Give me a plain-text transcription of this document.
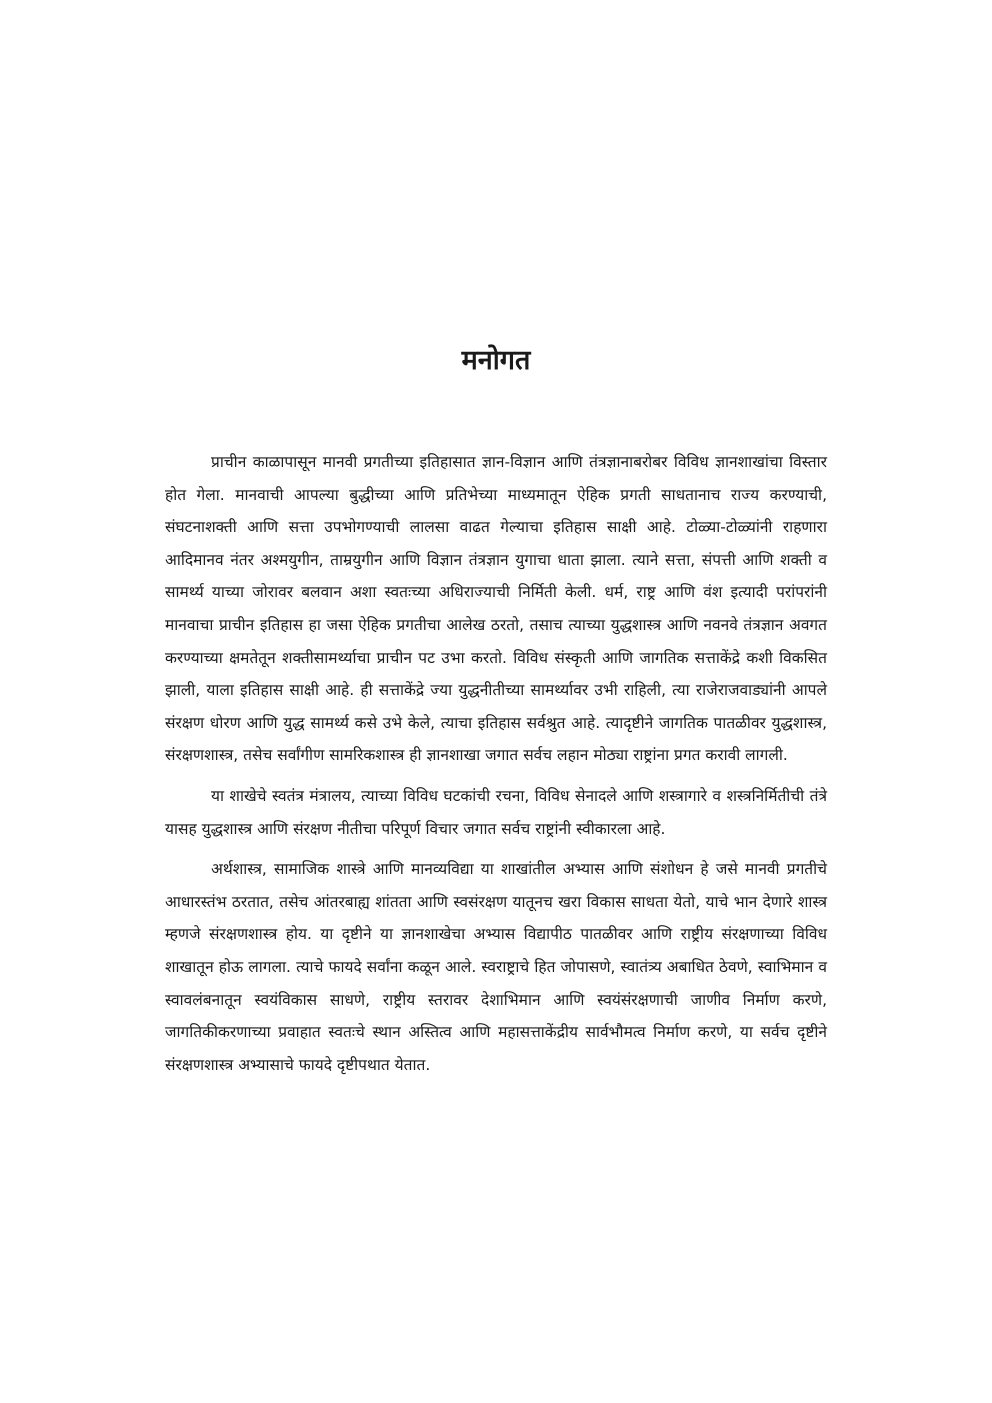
मनोगत

प्राचीन काळापासून मानवी प्रगतीच्या इतिहासात ज्ञान-विज्ञान आणि तंत्रज्ञानाबरोबर विविध ज्ञानशाखांचा विस्तार होत गेला. मानवाची आपल्या बुद्धीच्या आणि प्रतिभेच्या माध्यमातून ऐहिक प्रगती साधतानाच राज्य करण्याची, संघटनाशक्ती आणि सत्ता उपभोगण्याची लालसा वाढत गेल्याचा इतिहास साक्षी आहे. टोळ्या-टोळ्यांनी राहणारा आदिमानव नंतर अश्मयुगीन, ताम्रयुगीन आणि विज्ञान तंत्रज्ञान युगाचा धाता झाला. त्याने सत्ता, संपत्ती आणि शक्ती व सामर्थ्य याच्या जोरावर बलवान अशा स्वतःच्या अधिराज्याची निर्मिती केली. धर्म, राष्ट्र आणि वंश इत्यादी परांपरांनी मानवाचा प्राचीन इतिहास हा जसा ऐहिक प्रगतीचा आलेख ठरतो, तसाच त्याच्या युद्धशास्त्र आणि नवनवे तंत्रज्ञान अवगत करण्याच्या क्षमतेतून शक्तीसामर्थ्याचा प्राचीन पट उभा करतो. विविध संस्कृती आणि जागतिक सत्ताकेंद्रे कशी विकसित झाली, याला इतिहास साक्षी आहे. ही सत्ताकेंद्रे ज्या युद्धनीतीच्या सामर्थ्यावर उभी राहिली, त्या राजेराजवाड्यांनी आपले संरक्षण धोरण आणि युद्ध सामर्थ्य कसे उभे केले, त्याचा इतिहास सर्वश्रुत आहे. त्यादृष्टीने जागतिक पातळीवर युद्धशास्त्र, संरक्षणशास्त्र, तसेच सर्वांगीण सामरिकशास्त्र ही ज्ञानशाखा जगात सर्वच लहान मोठ्या राष्ट्रांना प्रगत करावी लागली.

या शाखेचे स्वतंत्र मंत्रालय, त्याच्या विविध घटकांची रचना, विविध सेनादले आणि शस्त्रागारे व शस्त्रनिर्मितीची तंत्रे यासह युद्धशास्त्र आणि संरक्षण नीतीचा परिपूर्ण विचार जगात सर्वच राष्ट्रांनी स्वीकारला आहे.

अर्थशास्त्र, सामाजिक शास्त्रे आणि मानव्यविद्या या शाखांतील अभ्यास आणि संशोधन हे जसे मानवी प्रगतीचे आधारस्तंभ ठरतात, तसेच आंतरबाह्य शांतता आणि स्वसंरक्षण यातूनच खरा विकास साधता येतो, याचे भान देणारे शास्त्र म्हणजे संरक्षणशास्त्र होय. या दृष्टीने या ज्ञानशाखेचा अभ्यास विद्यापीठ पातळीवर आणि राष्ट्रीय संरक्षणाच्या विविध शाखातून होऊ लागला. त्याचे फायदे सर्वांना कळून आले. स्वराष्ट्राचे हित जोपासणे, स्वातंत्र्य अबाधित ठेवणे, स्वाभिमान व स्वावलंबनातून स्वयंविकास साधणे, राष्ट्रीय स्तरावर देशाभिमान आणि स्वयंसंरक्षणाची जाणीव निर्माण करणे, जागतिकीकरणाच्या प्रवाहात स्वतःचे स्थान अस्तित्व आणि महासत्ताकेंद्रीय सार्वभौमत्व निर्माण करणे, या सर्वच दृष्टीने संरक्षणशास्त्र अभ्यासाचे फायदे दृष्टीपथात येतात.
